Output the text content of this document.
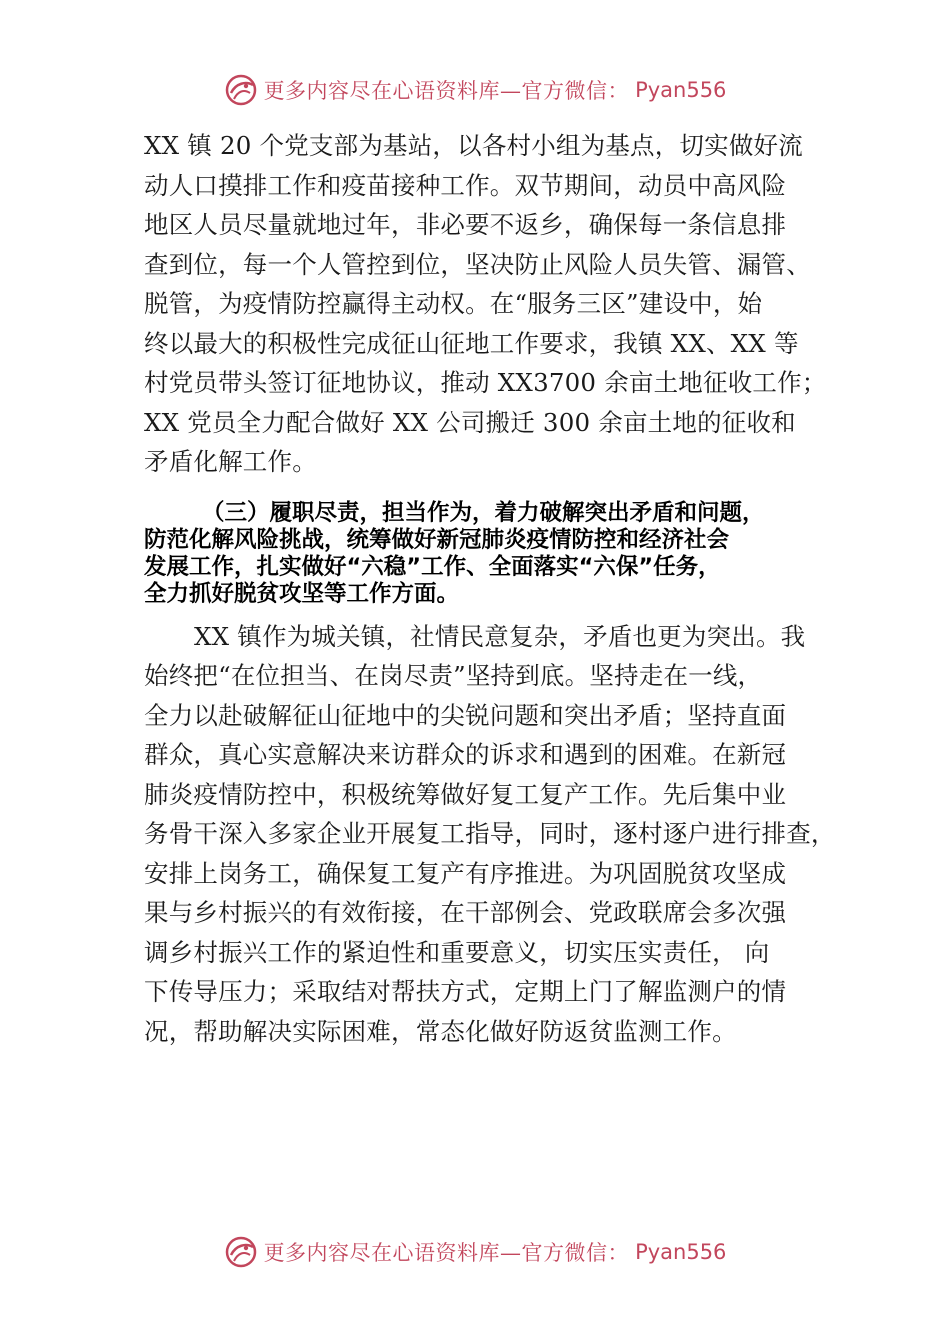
更多内容尽在心语资料库—官方微信： Pyan556

XX 镇 20 个党支部为基站，以各村小组为基点，切实做好流
动人口摸排工作和疫苗接种工作。双节期间，动员中高风险
地区人员尽量就地过年，非必要不返乡，确保每一条信息排
查到位，每一个人管控到位，坚决防止风险人员失管、漏管、
脱管，为疫情防控赢得主动权。在“服务三区”建设中，始
终以最大的积极性完成征山征地工作要求，我镇 XX、XX 等
村党员带头签订征地协议，推动 XX3700 余亩土地征收工作；
XX 党员全力配合做好 XX 公司搬迁 300 余亩土地的征收和
矛盾化解工作。

（三）履职尽责，担当作为，着力破解突出矛盾和问题，
防范化解风险挑战，统筹做好新冠肺炎疫情防控和经济社会
发展工作，扎实做好“六稳”工作、全面落实“六保”任务，
全力抓好脱贫攻坚等工作方面。

XX 镇作为城关镇，社情民意复杂，矛盾也更为突出。我
始终把“在位担当、在岗尽责”坚持到底。坚持走在一线，
全力以赴破解征山征地中的尖锐问题和突出矛盾；坚持直面
群众，真心实意解决来访群众的诉求和遇到的困难。在新冠
肺炎疫情防控中，积极统筹做好复工复产工作。先后集中业
务骨干深入多家企业开展复工指导，同时，逐村逐户进行排查，
安排上岗务工，确保复工复产有序推进。为巩固脱贫攻坚成
果与乡村振兴的有效衔接，在干部例会、党政联席会多次强
调乡村振兴工作的紧迫性和重要意义，切实压实责任， 向
下传导压力；采取结对帮扶方式，定期上门了解监测户的情
况，帮助解决实际困难，常态化做好防返贫监测工作。

更多内容尽在心语资料库—官方微信： Pyan556
